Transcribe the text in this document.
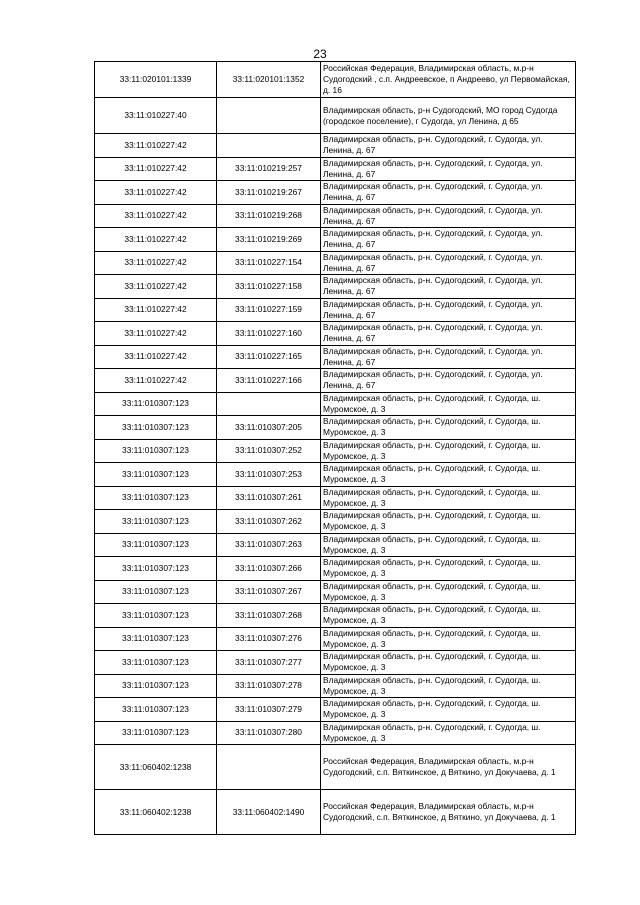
23
33:11:020101:1339	33:11:020101:1352	Российская Федерация, Владимирская область, м.р-н Судогодский , с.п. Андреевское, п Андреево, ул Первомайская, д. 16
33:11:010227:40		Владимирская область, р-н Судогодский, МО город Судогда (городское поселение), г Судогда, ул Ленина, д 65
33:11:010227:42		Владимирская область, р-н. Судогодский, г. Судогда, ул. Ленина, д. 67
33:11:010227:42	33:11:010219:257	Владимирская область, р-н. Судогодский, г. Судогда, ул. Ленина, д. 67
33:11:010227:42	33:11:010219:267	Владимирская область, р-н. Судогодский, г. Судогда, ул. Ленина, д. 67
33:11:010227:42	33:11:010219:268	Владимирская область, р-н. Судогодский, г. Судогда, ул. Ленина, д. 67
33:11:010227:42	33:11:010219:269	Владимирская область, р-н. Судогодский, г. Судогда, ул. Ленина, д. 67
33:11:010227:42	33:11:010227:154	Владимирская область, р-н. Судогодский, г. Судогда, ул. Ленина, д. 67
33:11:010227:42	33:11:010227:158	Владимирская область, р-н. Судогодский, г. Судогда, ул. Ленина, д. 67
33:11:010227:42	33:11:010227:159	Владимирская область, р-н. Судогодский, г. Судогда, ул. Ленина, д. 67
33:11:010227:42	33:11:010227:160	Владимирская область, р-н. Судогодский, г. Судогда, ул. Ленина, д. 67
33:11:010227:42	33:11:010227:165	Владимирская область, р-н. Судогодский, г. Судогда, ул. Ленина, д. 67
33:11:010227:42	33:11:010227:166	Владимирская область, р-н. Судогодский, г. Судогда, ул. Ленина, д. 67
33:11:010307:123		Владимирская область, р-н. Судогодский, г. Судогда, ш. Муромское, д. 3
33:11:010307:123	33:11:010307:205	Владимирская область, р-н. Судогодский, г. Судогда, ш. Муромское, д. 3
33:11:010307:123	33:11:010307:252	Владимирская область, р-н. Судогодский, г. Судогда, ш. Муромское, д. 3
33:11:010307:123	33:11:010307:253	Владимирская область, р-н. Судогодский, г. Судогда, ш. Муромское, д. 3
33:11:010307:123	33:11:010307:261	Владимирская область, р-н. Судогодский, г. Судогда, ш. Муромское, д. 3
33:11:010307:123	33:11:010307:262	Владимирская область, р-н. Судогодский, г. Судогда, ш. Муромское, д. 3
33:11:010307:123	33:11:010307:263	Владимирская область, р-н. Судогодский, г. Судогда, ш. Муромское, д. 3
33:11:010307:123	33:11:010307:266	Владимирская область, р-н. Судогодский, г. Судогда, ш. Муромское, д. 3
33:11:010307:123	33:11:010307:267	Владимирская область, р-н. Судогодский, г. Судогда, ш. Муромское, д. 3
33:11:010307:123	33:11:010307:268	Владимирская область, р-н. Судогодский, г. Судогда, ш. Муромское, д. 3
33:11:010307:123	33:11:010307:276	Владимирская область, р-н. Судогодский, г. Судогда, ш. Муромское, д. 3
33:11:010307:123	33:11:010307:277	Владимирская область, р-н. Судогодский, г. Судогда, ш. Муромское, д. 3
33:11:010307:123	33:11:010307:278	Владимирская область, р-н. Судогодский, г. Судогда, ш. Муромское, д. 3
33:11:010307:123	33:11:010307:279	Владимирская область, р-н. Судогодский, г. Судогда, ш. Муромское, д. 3
33:11:010307:123	33:11:010307:280	Владимирская область, р-н. Судогодский, г. Судогда, ш. Муромское, д. 3
33:11:060402:1238		Российская Федерация, Владимирская область, м.р-н Судогодский, с.п. Вяткинское, д Вяткино, ул Докучаева, д. 1
33:11:060402:1238	33:11:060402:1490	Российская Федерация, Владимирская область, м.р-н Судогодский, с.п. Вяткинское, д Вяткино, ул Докучаева, д. 1
